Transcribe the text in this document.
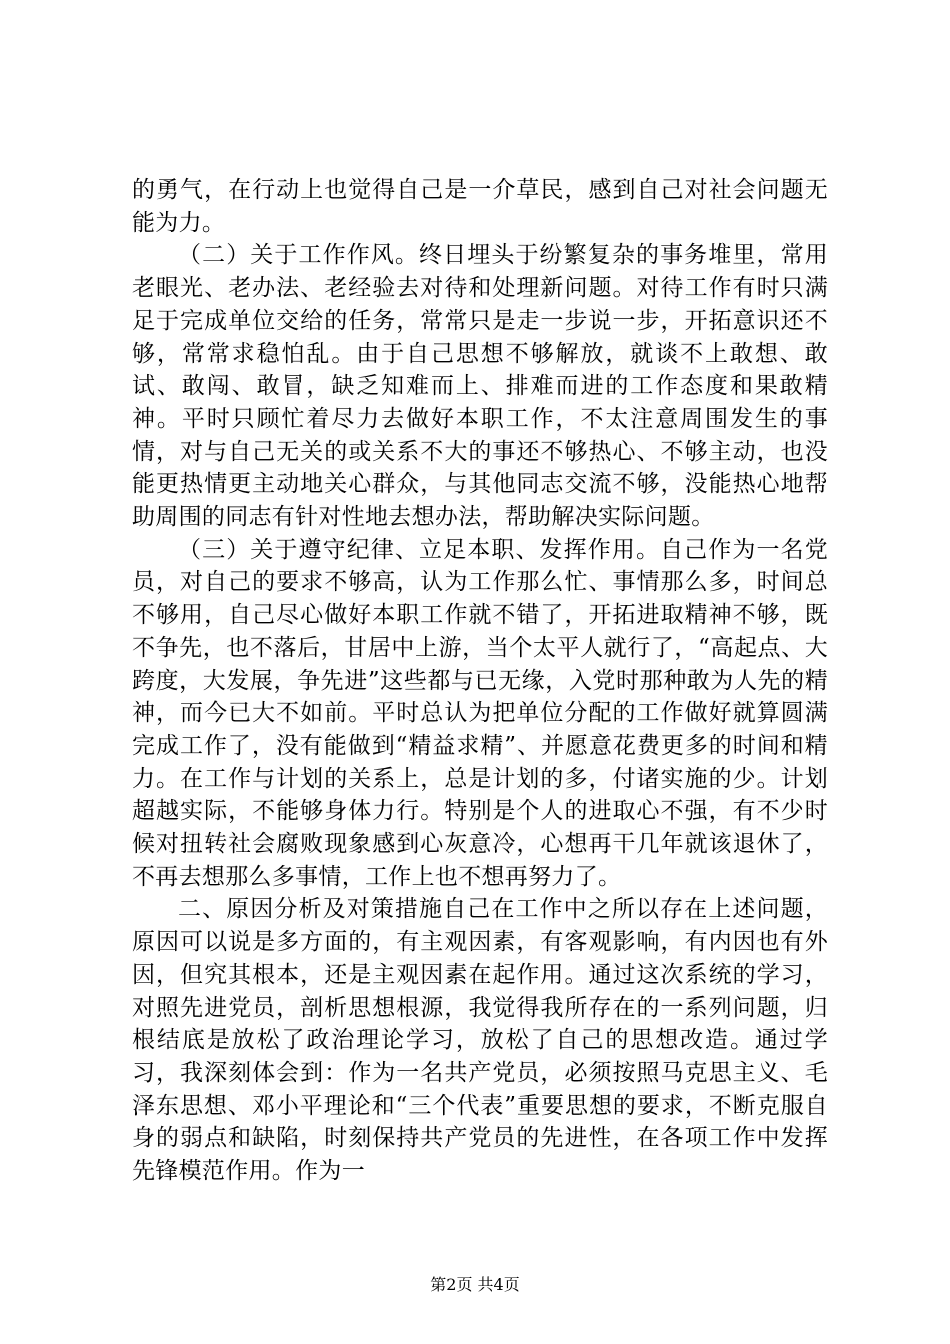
的勇气，在行动上也觉得自己是一介草民，感到自己对社会问题无能为力。

（二）关于工作作风。终日埋头于纷繁复杂的事务堆里，常用老眼光、老办法、老经验去对待和处理新问题。对待工作有时只满足于完成单位交给的任务，常常只是走一步说一步，开拓意识还不够，常常求稳怕乱。由于自己思想不够解放，就谈不上敢想、敢试、敢闯、敢冒，缺乏知难而上、排难而进的工作态度和果敢精神。平时只顾忙着尽力去做好本职工作，不太注意周围发生的事情，对与自己无关的或关系不大的事还不够热心、不够主动，也没能更热情更主动地关心群众，与其他同志交流不够，没能热心地帮助周围的同志有针对性地去想办法，帮助解决实际问题。

（三）关于遵守纪律、立足本职、发挥作用。自己作为一名党员，对自己的要求不够高，认为工作那么忙、事情那么多，时间总不够用，自己尽心做好本职工作就不错了，开拓进取精神不够，既不争先，也不落后，甘居中上游，当个太平人就行了，“高起点、大跨度，大发展，争先进”这些都与已无缘，入党时那种敢为人先的精神，而今已大不如前。平时总认为把单位分配的工作做好就算圆满完成工作了，没有能做到“精益求精”、并愿意花费更多的时间和精力。在工作与计划的关系上，总是计划的多，付诸实施的少。计划超越实际，不能够身体力行。特别是个人的进取心不强，有不少时候对扭转社会腐败现象感到心灰意冷，心想再干几年就该退休了，不再去想那么多事情，工作上也不想再努力了。

二、原因分析及对策措施自己在工作中之所以存在上述问题，原因可以说是多方面的，有主观因素，有客观影响，有内因也有外因，但究其根本，还是主观因素在起作用。通过这次系统的学习，对照先进党员，剖析思想根源，我觉得我所存在的一系列问题，归根结底是放松了政治理论学习，放松了自己的思想改造。通过学习，我深刻体会到：作为一名共产党员，必须按照马克思主义、毛泽东思想、邓小平理论和“三个代表”重要思想的要求，不断克服自身的弱点和缺陷，时刻保持共产党员的先进性，在各项工作中发挥先锋模范作用。作为一

第2页 共4页
